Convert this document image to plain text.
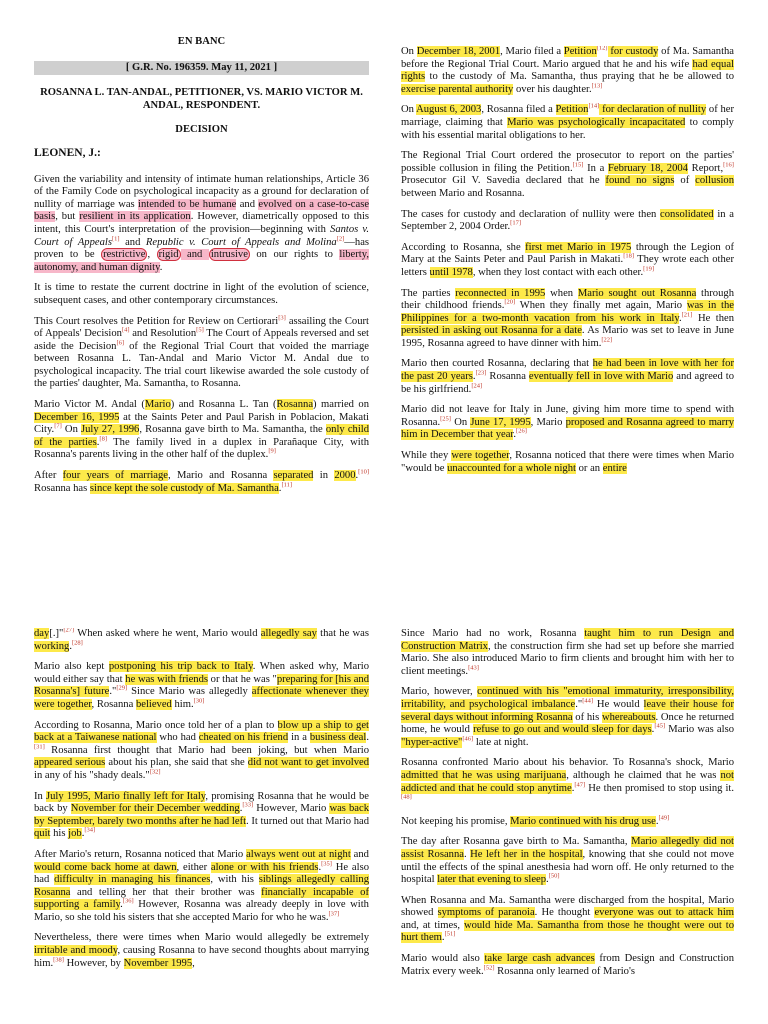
EN BANC
[ G.R. No. 196359. May 11, 2021 ]
ROSANNA L. TAN-ANDAL, PETITIONER, VS. MARIO VICTOR M. ANDAL, RESPONDENT.
DECISION
LEONEN, J.:

Given the variability and intensity of intimate human relationships, Article 36 of the Family Code on psychological incapacity as a ground for declaration of nullity of marriage was intended to be humane and evolved on a case-to-case basis, but resilient in its application. However, diametrically opposed to this intent, this Court's interpretation of the provision—beginning with Santos v. Court of Appeals[1] and Republic v. Court of Appeals and Molina[2]—has proven to be restrictive , rigid and intrusive on our rights to liberty, autonomy, and human dignity.

It is time to restate the current doctrine in light of the evolution of science, subsequent cases, and other contemporary circumstances.

This Court resolves the Petition for Review on Certiorari[3] assailing the Court of Appeals' Decision[4] and Resolution[5] The Court of Appeals reversed and set aside the Decision[6] of the Regional Trial Court that voided the marriage between Rosanna L. Tan-Andal and Mario Victor M. Andal due to psychological incapacity. The trial court likewise awarded the sole custody of the parties' daughter, Ma. Samantha, to Rosanna.

Mario Victor M. Andal (Mario) and Rosanna L. Tan (Rosanna) married on December 16, 1995 at the Saints Peter and Paul Parish in Poblacion, Makati City.[7] On July 27, 1996, Rosanna gave birth to Ma. Samantha, the only child of the parties.[8] The family lived in a duplex in Parañaque City, with Rosanna's parents living in the other half of the duplex.[9]

After four years of marriage, Mario and Rosanna separated in 2000.[10] Rosanna has since kept the sole custody of Ma. Samantha.[11]

On December 18, 2001, Mario filed a Petition[12] for custody of Ma. Samantha before the Regional Trial Court. Mario argued that he and his wife had equal rights to the custody of Ma. Samantha, thus praying that he be allowed to exercise parental authority over his daughter.[13]

On August 6, 2003, Rosanna filed a Petition[14] for declaration of nullity of her marriage, claiming that Mario was psychologically incapacitated to comply with his essential marital obligations to her.

The Regional Trial Court ordered the prosecutor to report on the parties' possible collusion in filing the Petition.[15] In a February 18, 2004 Report,[16] Prosecutor Gil V. Savedia declared that he found no signs of collusion between Mario and Rosanna.

The cases for custody and declaration of nullity were then consolidated in a September 2, 2004 Order.[17]

According to Rosanna, she first met Mario in 1975 through the Legion of Mary at the Saints Peter and Paul Parish in Makati.[18] They wrote each other letters until 1978, when they lost contact with each other.[19]

The parties reconnected in 1995 when Mario sought out Rosanna through their childhood friends.[20] When they finally met again, Mario was in the Philippines for a two-month vacation from his work in Italy.[21] He then persisted in asking out Rosanna for a date. As Mario was set to leave in June 1995, Rosanna agreed to have dinner with him.[22]

Mario then courted Rosanna, declaring that he had been in love with her for the past 20 years.[23] Rosanna eventually fell in love with Mario and agreed to be his girlfriend.[24]

Mario did not leave for Italy in June, giving him more time to spend with Rosanna.[25] On June 17, 1995, Mario proposed and Rosanna agreed to marry him in December that year.[26]

While they were together, Rosanna noticed that there were times when Mario "would be unaccounted for a whole night or an entire

day[.]"[27] When asked where he went, Mario would allegedly say that he was working.[28]

Mario also kept postponing his trip back to Italy. When asked why, Mario would either say that he was with friends or that he was "preparing for [his and Rosanna's] future."[29] Since Mario was allegedly affectionate whenever they were together, Rosanna believed him.[30]

According to Rosanna, Mario once told her of a plan to blow up a ship to get back at a Taiwanese national who had cheated on his friend in a business deal.[31] Rosanna first thought that Mario had been joking, but when Mario appeared serious about his plan, she said that she did not want to get involved in any of his "shady deals."[32]

In July 1995, Mario finally left for Italy, promising Rosanna that he would be back by November for their December wedding.[33] However, Mario was back by September, barely two months after he had left. It turned out that Mario had quit his job.[34]

After Mario's return, Rosanna noticed that Mario always went out at night and would come back home at dawn, either alone or with his friends.[35] He also had difficulty in managing his finances, with his siblings allegedly calling Rosanna and telling her that their brother was financially incapable of supporting a family.[36] However, Rosanna was already deeply in love with Mario, so she told his sisters that she accepted Mario for who he was.[37]

Nevertheless, there were times when Mario would allegedly be extremely irritable and moody, causing Rosanna to have second thoughts about marrying him.[38] However, by November 1995,

Since Mario had no work, Rosanna taught him to run Design and Construction Matrix, the construction firm she had set up before she married Mario. She also introduced Mario to firm clients and brought him with her to client meetings.[43]

Mario, however, continued with his "emotional immaturity, irresponsibility, irritability, and psychological imbalance."[44] He would leave their house for several days without informing Rosanna of his whereabouts. Once he returned home, he would refuse to go out and would sleep for days.[45] Mario was also "hyper-active"[46] late at night.

Rosanna confronted Mario about his behavior. To Rosanna's shock, Mario admitted that he was using marijuana, although he claimed that he was not addicted and that he could stop anytime.[47] He then promised to stop using it.[48]

Not keeping his promise, Mario continued with his drug use.[49]

The day after Rosanna gave birth to Ma. Samantha, Mario allegedly did not assist Rosanna. He left her in the hospital, knowing that she could not move until the effects of the spinal anesthesia had worn off. He only returned to the hospital later that evening to sleep.[50]

When Rosanna and Ma. Samantha were discharged from the hospital, Mario showed symptoms of paranoia. He thought everyone was out to attack him and, at times, would hide Ma. Samantha from those he thought were out to hurt them.[51]

Mario would also take large cash advances from Design and Construction Matrix every week.[52] Rosanna only learned of Mario's
